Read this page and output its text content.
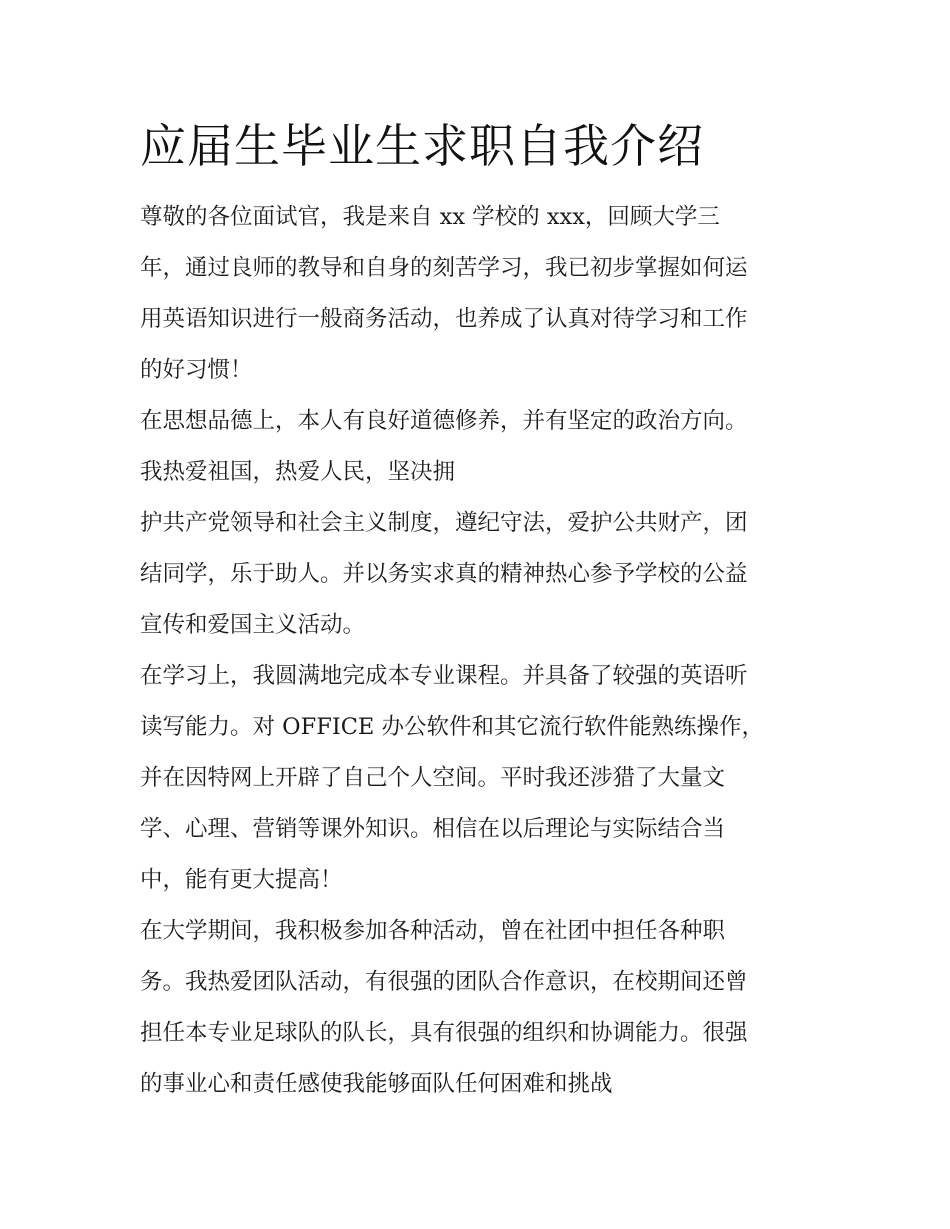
应届生毕业生求职自我介绍

尊敬的各位面试官，我是来自 xx 学校的 xxx，回顾大学三

年，通过良师的教导和自身的刻苦学习，我已初步掌握如何运

用英语知识进行一般商务活动，也养成了认真对待学习和工作

的好习惯！

在思想品德上，本人有良好道德修养，并有坚定的政治方向。

我热爱祖国，热爱人民，坚决拥

护共产党领导和社会主义制度，遵纪守法，爱护公共财产，团

结同学，乐于助人。并以务实求真的精神热心参予学校的公益

宣传和爱国主义活动。

在学习上，我圆满地完成本专业课程。并具备了较强的英语听

读写能力。对 OFFICE 办公软件和其它流行软件能熟练操作，

并在因特网上开辟了自己个人空间。平时我还涉猎了大量文

学、心理、营销等课外知识。相信在以后理论与实际结合当

中，能有更大提高！

在大学期间，我积极参加各种活动，曾在社团中担任各种职

务。我热爱团队活动，有很强的团队合作意识，在校期间还曾

担任本专业足球队的队长，具有很强的组织和协调能力。很强

的事业心和责任感使我能够面队任何困难和挑战
